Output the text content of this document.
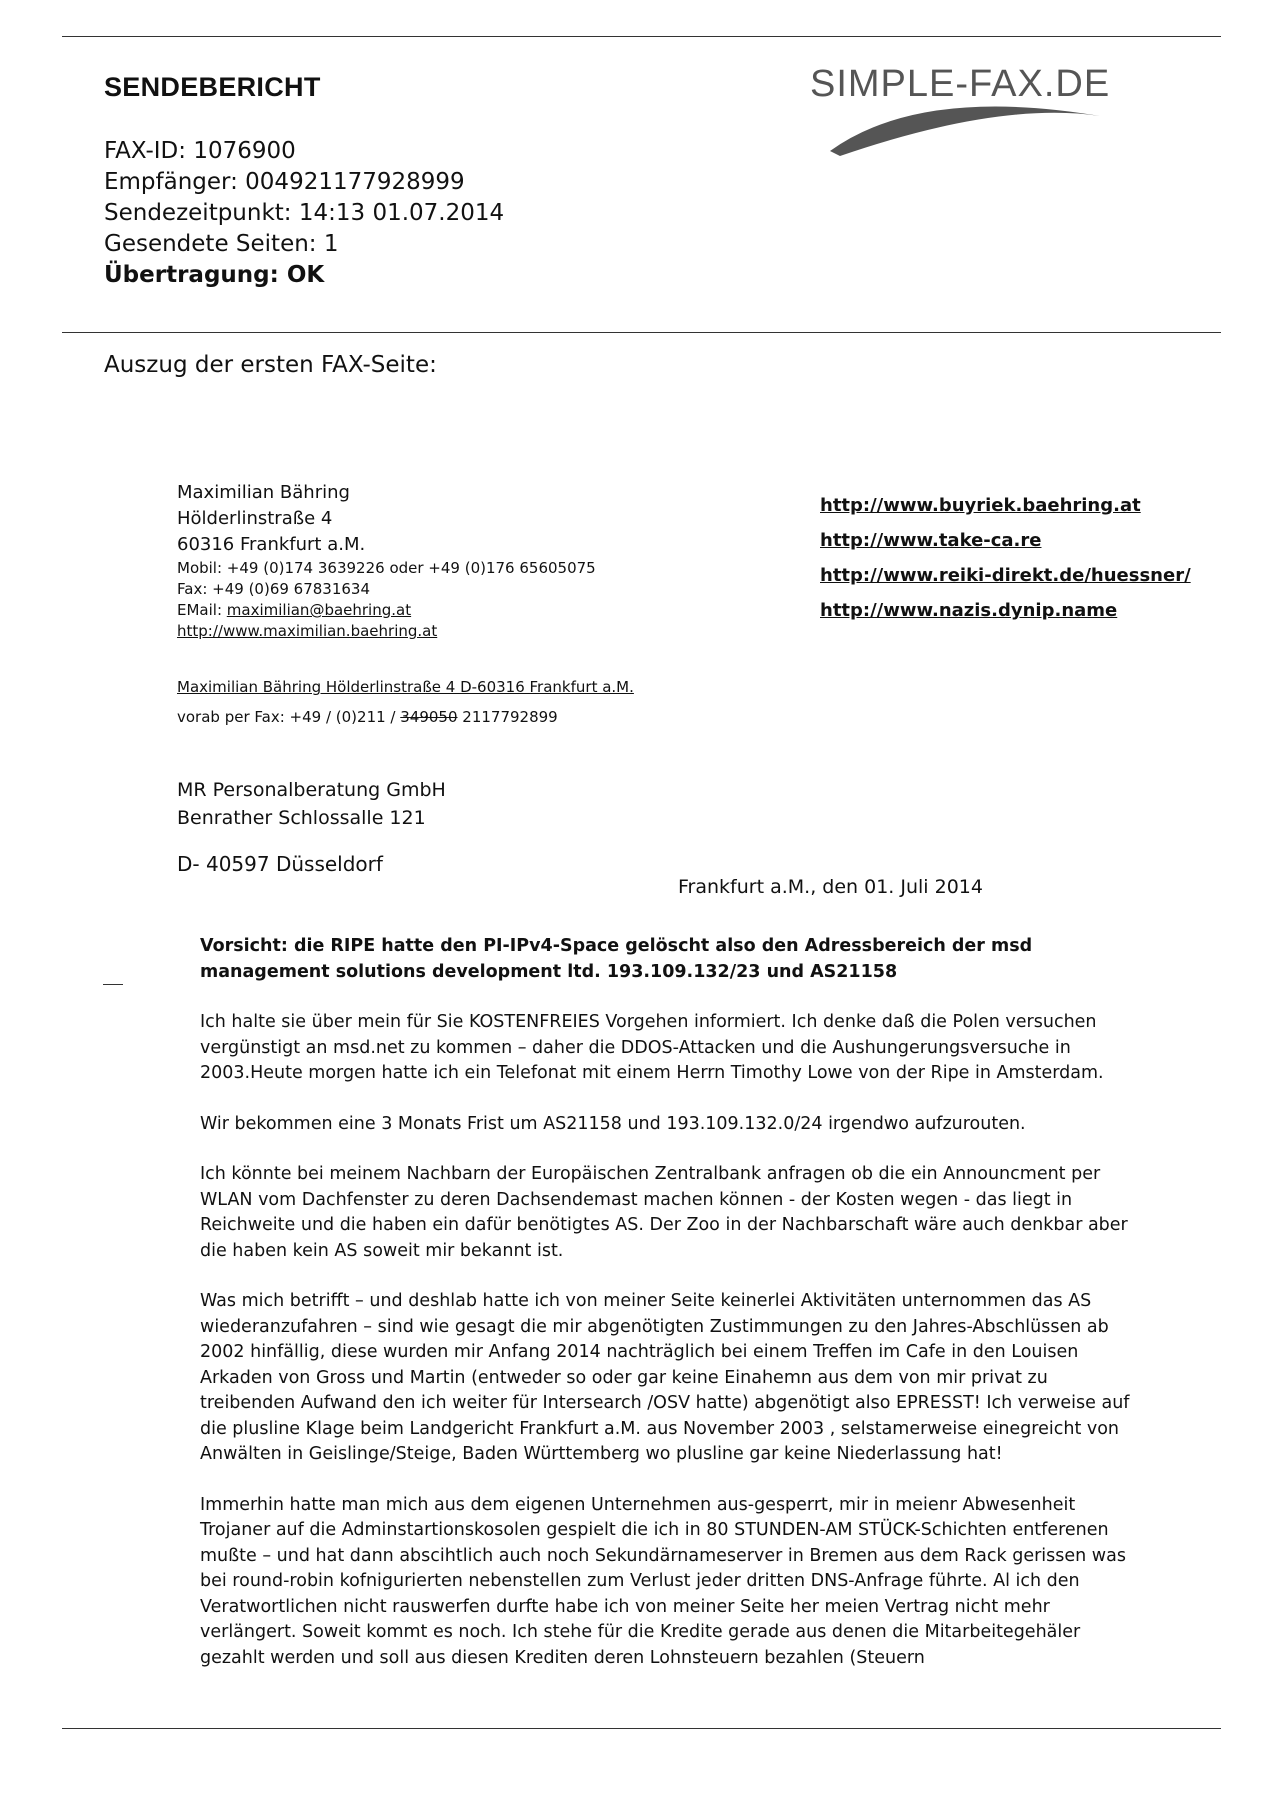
SENDEBERICHT	SIMPLE-FAX.DE
FAX-ID: 1076900
Empfänger: 004921177928999
Sendezeitpunkt: 14:13 01.07.2014
Gesendete Seiten: 1
Übertragung: OK
Auszug der ersten FAX-Seite:
Maximilian Bähring
Hölderlinstraße 4
60316 Frankfurt a.M.
Mobil: +49 (0)174 3639226 oder +49 (0)176 65605075
Fax: +49 (0)69 67831634
EMail: maximilian@baehring.at
http://www.maximilian.baehring.at
http://www.buyriek.baehring.at
http://www.take-ca.re
http://www.reiki-direkt.de/huessner/
http://www.nazis.dynip.name
Maximilian Bähring Hölderlinstraße 4 D-60316 Frankfurt a.M.
vorab per Fax: +49 / (0)211 / 349050 2117792899
MR Personalberatung GmbH
Benrather Schlossalle 121
D- 40597 Düsseldorf
Frankfurt a.M., den 01. Juli 2014

Vorsicht: die RIPE hatte den PI-IPv4-Space gelöscht also den Adressbereich der msd management solutions development ltd. 193.109.132/23 und AS21158

Ich halte sie über mein für Sie KOSTENFREIES Vorgehen informiert. Ich denke daß die Polen versuchen vergünstigt an msd.net zu kommen – daher die DDOS-Attacken und die Aushungerungsversuche in 2003.Heute morgen hatte ich ein Telefonat mit einem Herrn Timothy Lowe von der Ripe in Amsterdam.

Wir bekommen eine 3 Monats Frist um AS21158 und 193.109.132.0/24 irgendwo aufzurouten.

Ich könnte bei meinem Nachbarn der Europäischen Zentralbank anfragen ob die ein Announcment per WLAN vom Dachfenster zu deren Dachsendemast machen können - der Kosten wegen - das liegt in Reichweite und die haben ein dafür benötigtes AS. Der Zoo in der Nachbarschaft wäre auch denkbar aber die haben kein AS soweit mir bekannt ist.

Was mich betrifft – und deshlab hatte ich von meiner Seite keinerlei Aktivitäten unternommen das AS wiederanzufahren – sind wie gesagt die mir abgenötigten Zustimmungen zu den Jahres-Abschlüssen ab 2002 hinfällig, diese wurden mir Anfang 2014 nachträglich bei einem Treffen im Cafe in den Louisen Arkaden von Gross und Martin (entweder so oder gar keine Einahemn aus dem von mir privat zu treibenden Aufwand den ich weiter für Intersearch /OSV hatte) abgenötigt also EPRESST! Ich verweise auf die plusline Klage beim Landgericht Frankfurt a.M. aus November 2003 , selstamerweise einegreicht von Anwälten in Geislinge/Steige, Baden Württemberg wo plusline gar keine Niederlassung hat!

Immerhin hatte man mich aus dem eigenen Unternehmen aus-gesperrt, mir in meienr Abwesenheit Trojaner auf die Adminstartionskosolen gespielt die ich in 80 STUNDEN-AM STÜCK-Schichten entferenen mußte – und hat dann abscihtlich auch noch Sekundärnameserver in Bremen aus dem Rack gerissen was bei round-robin kofnigurierten nebenstellen zum Verlust jeder dritten DNS-Anfrage führte. Al ich den Veratwortlichen nicht rauswerfen durfte habe ich von meiner Seite her meien Vertrag nicht mehr verlängert. Soweit kommt es noch. Ich stehe für die Kredite gerade aus denen die Mitarbeitegehäler gezahlt werden und soll aus diesen Krediten deren Lohnsteuern bezahlen (Steuern
